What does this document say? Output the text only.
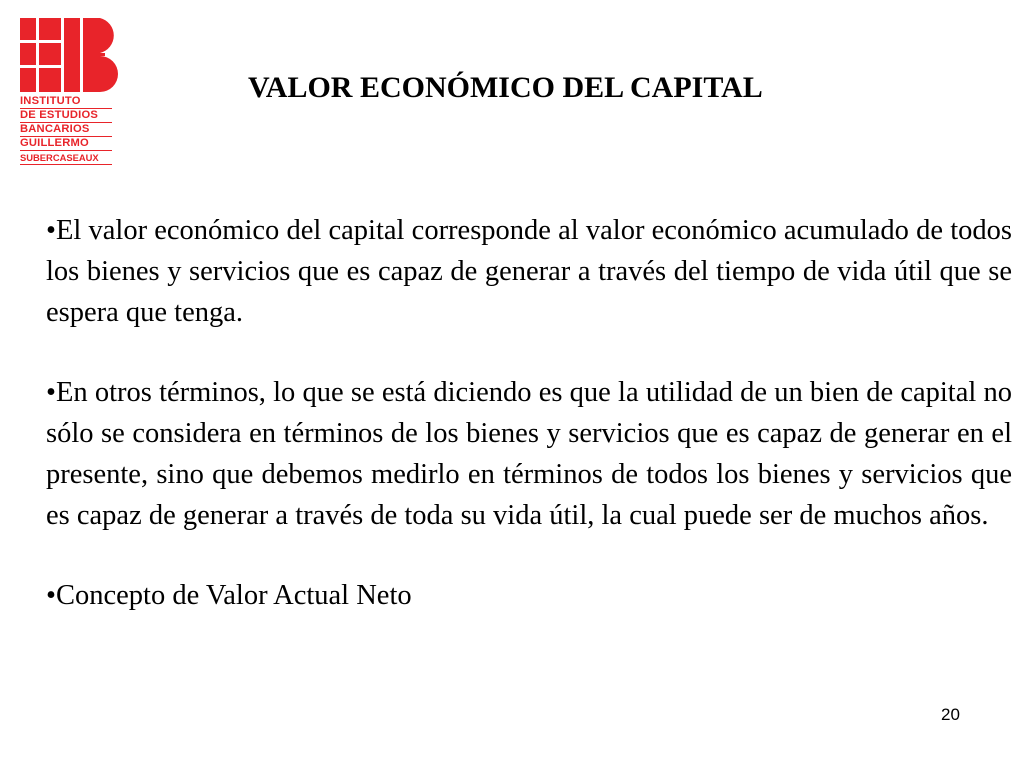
INSTITUTO
DE ESTUDIOS
BANCARIOS
GUILLERMO
SUBERCASEAUX
VALOR ECONÓMICO DEL CAPITAL

•El valor económico del capital corresponde al valor económico acumulado de todos los bienes y servicios que es capaz de generar a través del tiempo de vida útil que se espera que tenga.

•En otros términos, lo que se está diciendo es que la utilidad de un bien de capital no sólo se considera en términos de los bienes y servicios que es capaz de generar en el presente, sino que debemos medirlo en términos de todos los bienes y servicios que es capaz de generar a través de toda su vida útil, la cual puede ser de muchos años.

•Concepto de Valor Actual Neto

20
